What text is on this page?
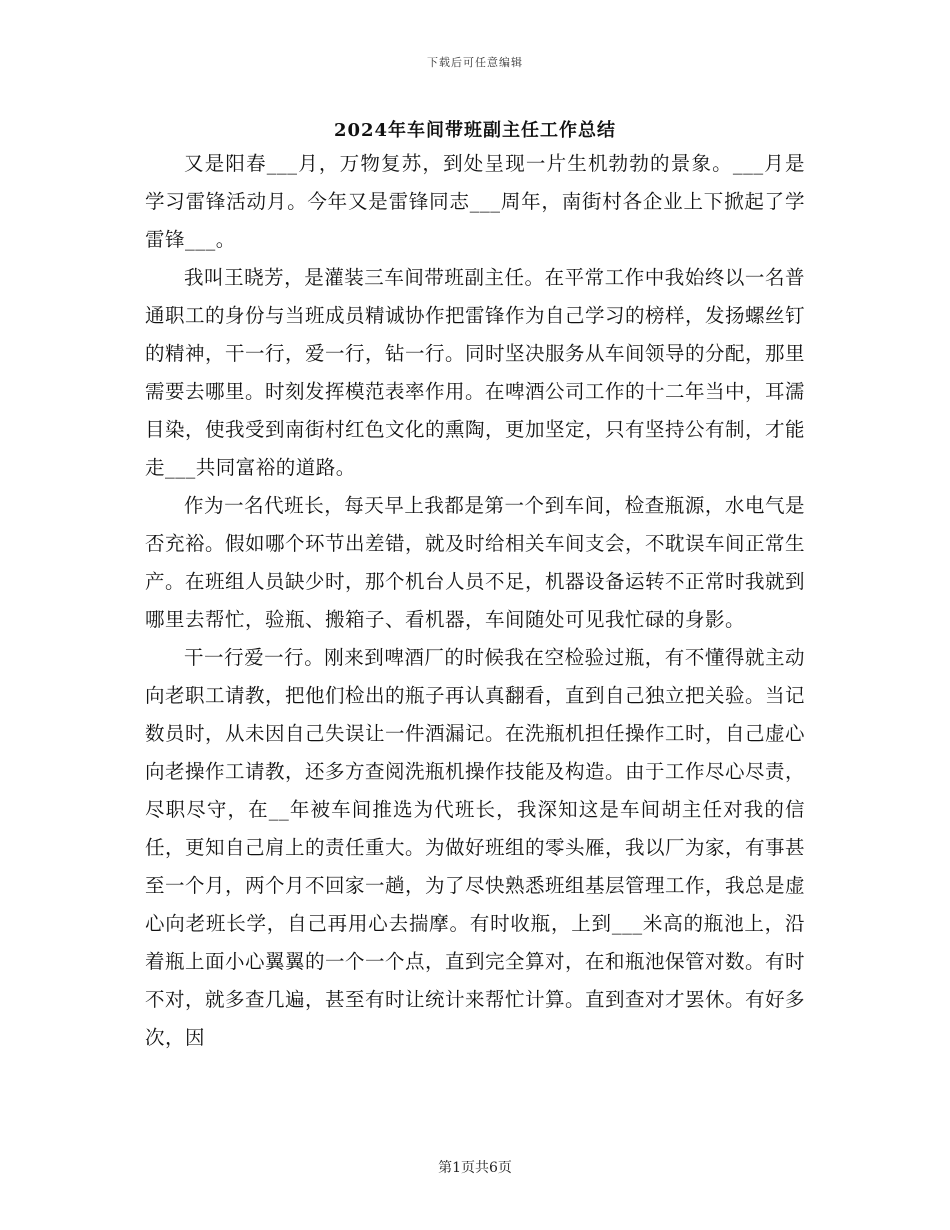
下载后可任意编辑
2024年车间带班副主任工作总结

又是阳春___月，万物复苏，到处呈现一片生机勃勃的景象。___月是学习雷锋活动月。今年又是雷锋同志___周年，南街村各企业上下掀起了学雷锋___。

我叫王晓芳，是灌装三车间带班副主任。在平常工作中我始终以一名普通职工的身份与当班成员精诚协作把雷锋作为自己学习的榜样，发扬螺丝钉的精神，干一行，爱一行，钻一行。同时坚决服务从车间领导的分配，那里需要去哪里。时刻发挥模范表率作用。在啤酒公司工作的十二年当中，耳濡目染，使我受到南街村红色文化的熏陶，更加坚定，只有坚持公有制，才能走___共同富裕的道路。

作为一名代班长，每天早上我都是第一个到车间，检查瓶源，水电气是否充裕。假如哪个环节出差错，就及时给相关车间支会，不耽误车间正常生产。在班组人员缺少时，那个机台人员不足，机器设备运转不正常时我就到哪里去帮忙，验瓶、搬箱子、看机器，车间随处可见我忙碌的身影。

干一行爱一行。刚来到啤酒厂的时候我在空检验过瓶，有不懂得就主动向老职工请教，把他们检出的瓶子再认真翻看，直到自己独立把关验。当记数员时，从未因自己失误让一件酒漏记。在洗瓶机担任操作工时，自己虚心向老操作工请教，还多方查阅洗瓶机操作技能及构造。由于工作尽心尽责，尽职尽守，在__年被车间推选为代班长，我深知这是车间胡主任对我的信任，更知自己肩上的责任重大。为做好班组的零头雁，我以厂为家，有事甚至一个月，两个月不回家一趟，为了尽快熟悉班组基层管理工作，我总是虚心向老班长学，自己再用心去揣摩。有时收瓶，上到___米高的瓶池上，沿着瓶上面小心翼翼的一个一个点，直到完全算对，在和瓶池保管对数。有时不对，就多查几遍，甚至有时让统计来帮忙计算。直到查对才罢休。有好多次，因

第1页共6页
